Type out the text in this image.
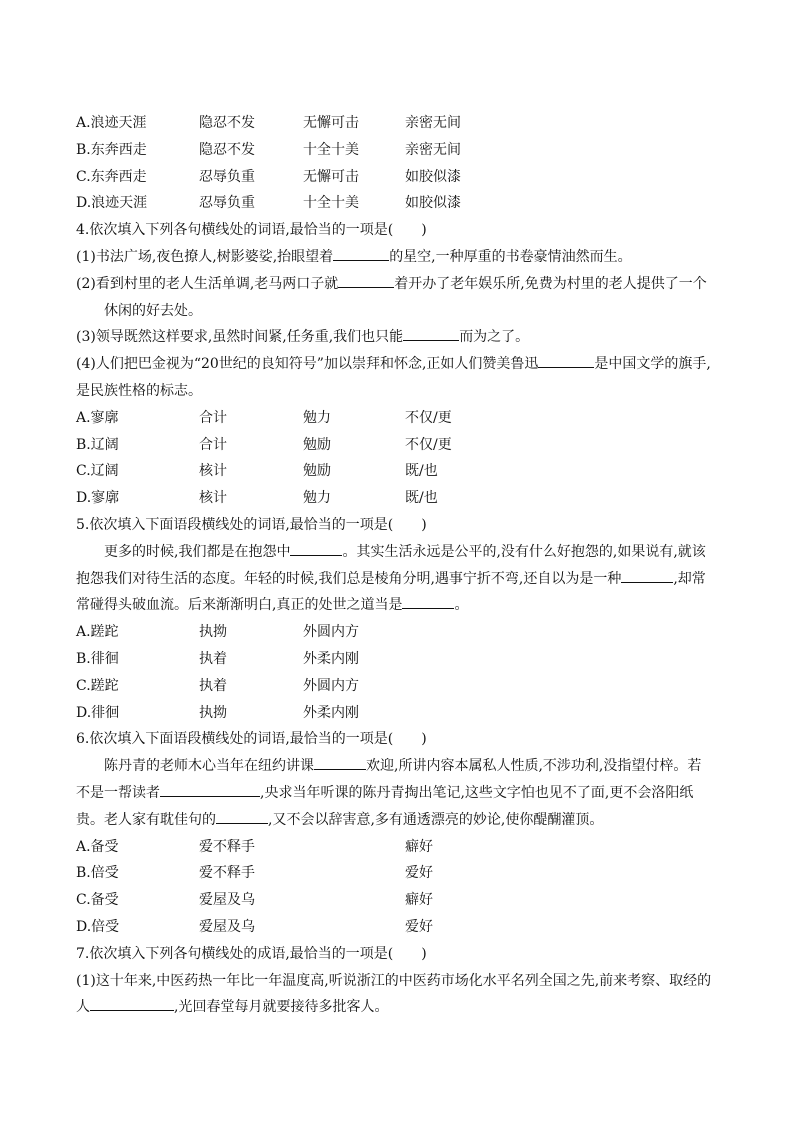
A.浪迹天涯	隐忍不发	无懈可击	亲密无间
B.东奔西走	隐忍不发	十全十美	亲密无间
C.东奔西走	忍辱负重	无懈可击	如胶似漆
D.浪迹天涯	忍辱负重	十全十美	如胶似漆
4.依次填入下列各句横线处的词语,最恰当的一项是(　　)
(1)书法广场,夜色撩人,树影婆娑,抬眼望着	的星空,一种厚重的书卷豪情油然而生。
(2)看到村里的老人生活单调,老马两口子就	着开办了老年娱乐所,免费为村里的老人提供了一个
休闲的好去处。
(3)领导既然这样要求,虽然时间紧,任务重,我们也只能	而为之了。
(4)人们把巴金视为“20世纪的良知符号”加以崇拜和怀念,正如人们赞美鲁迅	是中国文学的旗手,
是民族性格的标志。
A.寥廓	合计	勉力	不仅/更
B.辽阔	合计	勉励	不仅/更
C.辽阔	核计	勉励	既/也
D.寥廓	核计	勉力	既/也
5.依次填入下面语段横线处的词语,最恰当的一项是(　　)
更多的时候,我们都是在抱怨中	。其实生活永远是公平的,没有什么好抱怨的,如果说有,就该
抱怨我们对待生活的态度。年轻的时候,我们总是棱角分明,遇事宁折不弯,还自以为是一种	,却常
常碰得头破血流。后来渐渐明白,真正的处世之道当是	。
A.蹉跎	执拗	外圆内方
B.徘徊	执着	外柔内刚
C.蹉跎	执着	外圆内方
D.徘徊	执拗	外柔内刚
6.依次填入下面语段横线处的词语,最恰当的一项是(　　)
陈丹青的老师木心当年在纽约讲课	欢迎,所讲内容本属私人性质,不涉功利,没指望付梓。若
不是一帮读者	,央求当年听课的陈丹青掏出笔记,这些文字怕也见不了面,更不会洛阳纸
贵。老人家有耽佳句的	,又不会以辞害意,多有通透漂亮的妙论,使你醍醐灌顶。
A.备受	爱不释手	癖好
B.倍受	爱不释手	爱好
C.备受	爱屋及乌	癖好
D.倍受	爱屋及乌	爱好
7.依次填入下列各句横线处的成语,最恰当的一项是(　　)
(1)这十年来,中医药热一年比一年温度高,听说浙江的中医药市场化水平名列全国之先,前来考察、取经的
人	,光回春堂每月就要接待多批客人。
